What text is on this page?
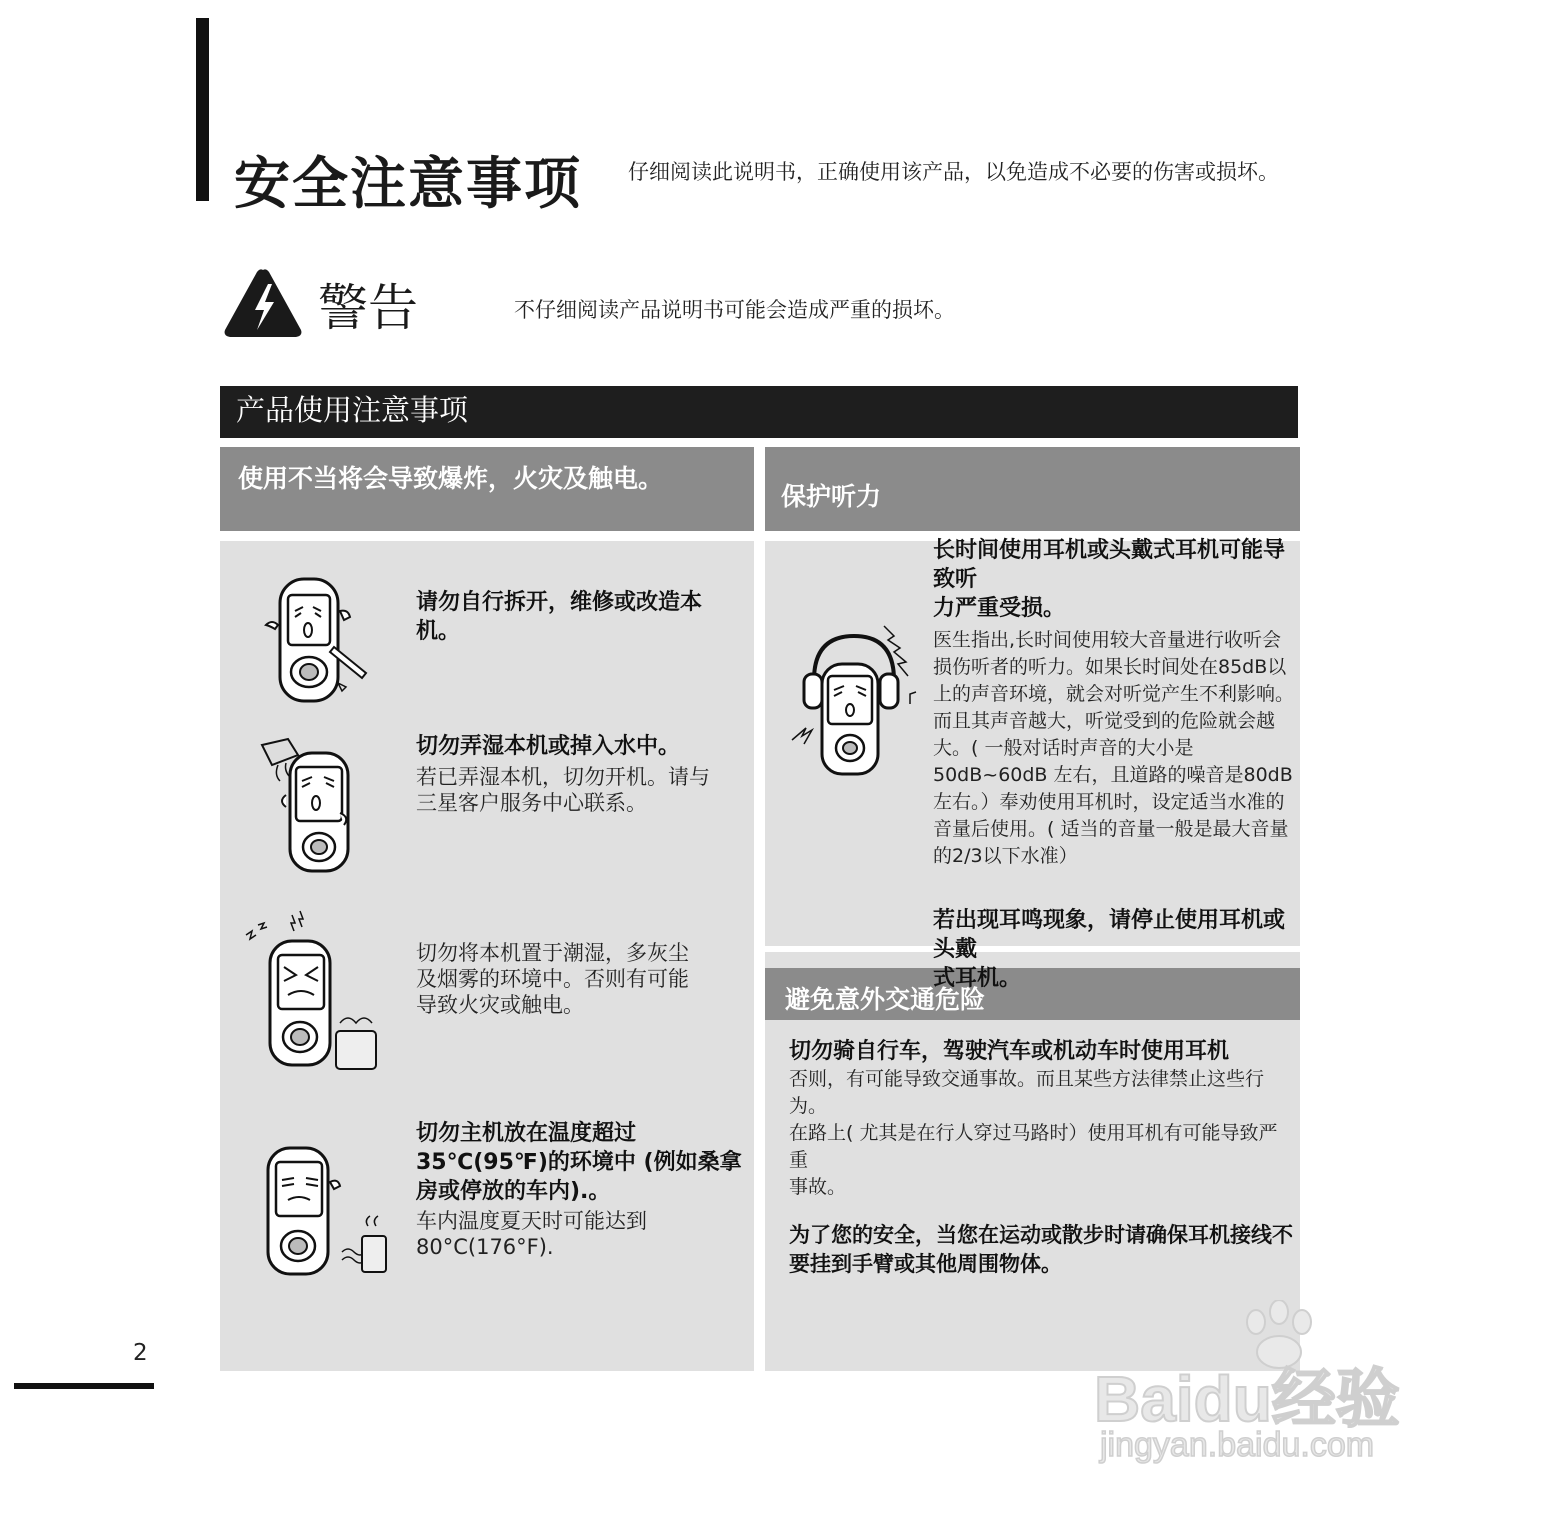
安全注意事项 仔细阅读此说明书，正确使用该产品，以免造成不必要的伤害或损坏。
警告	不仔细阅读产品说明书可能会造成严重的损坏。
产品使用注意事项
使用不当将会导致爆炸，火灾及触电。
保护听力
避免意外交通危险
请勿自行拆开，维修或改造本
机。
切勿弄湿本机或掉入水中。
若已弄湿本机，切勿开机。请与
三星客户服务中心联系。
切勿将本机置于潮湿，多灰尘
及烟雾的环境中。否则有可能
导致火灾或触电。
切勿主机放在温度超过
35℃(95℉)的环境中 (例如桑拿
房或停放的车内).。
车内温度夏天时可能达到
80°C(176°F).
长时间使用耳机或头戴式耳机可能导致听
力严重受损。
医生指出,长时间使用较大音量进行收听会
损伤听者的听力。如果长时间处在85dB以
上的声音环境，就会对听觉产生不利影响。
而且其声音越大，听觉受到的危险就会越
大。( 一般对话时声音的大小是
50dB~60dB 左右，且道路的噪音是80dB
左右。）奉劝使用耳机时，设定适当水准的
音量后使用。( 适当的音量一般是最大音量
的2/3以下水准）
若出现耳鸣现象，请停止使用耳机或头戴
式耳机。
切勿骑自行车，驾驶汽车或机动车时使用耳机
否则，有可能导致交通事故。而且某些方法律禁止这些行为。
在路上( 尤其是在行人穿过马路时）使用耳机有可能导致严重
事故。
为了您的安全，当您在运动或散步时请确保耳机接线不
要挂到手臂或其他周围物体。
2
Baidu经验
jingyan.baidu.com
